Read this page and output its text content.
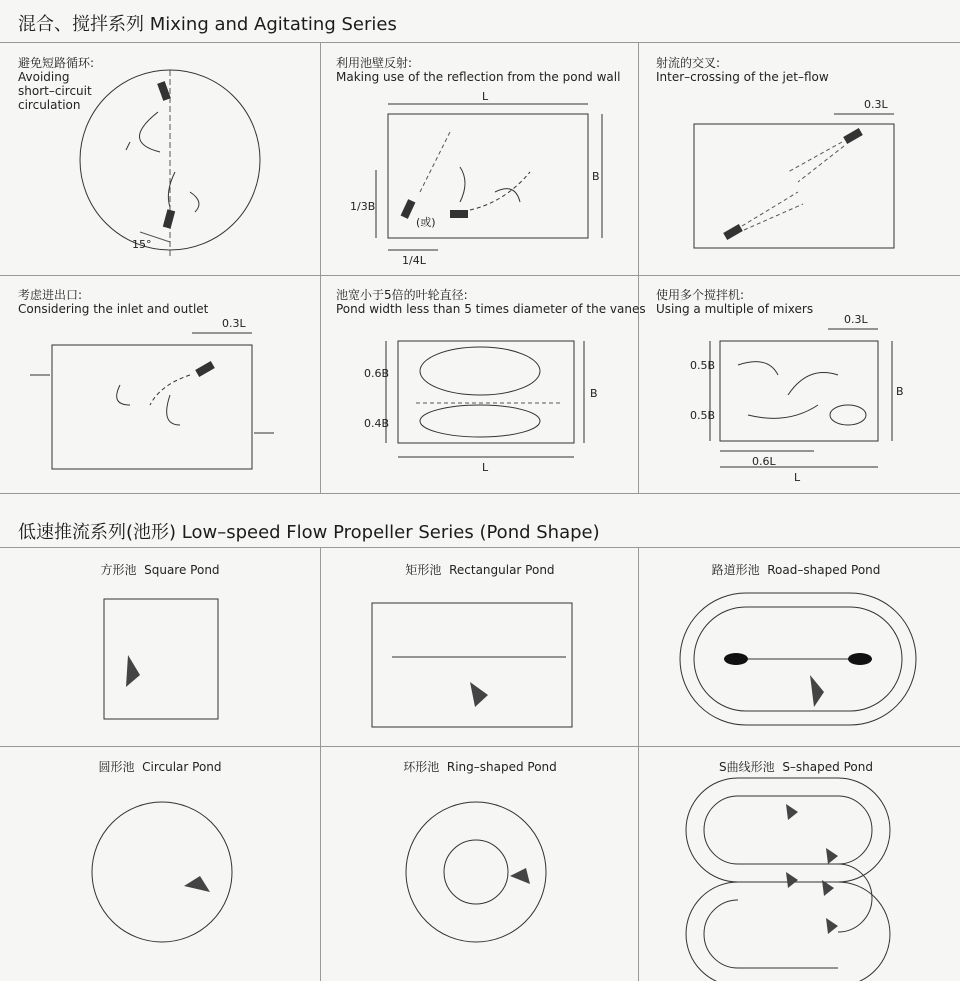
混合、搅拌系列 Mixing and Agitating Series
低速推流系列(池形) Low–speed Flow Propeller Series (Pond Shape)
避免短路循环:
Avoiding
short–circuit
circulation
15°
利用池壁反射:
Making use of the reflection from the pond wall
L
B
1/3B
1/4L
(或)
射流的交叉:
Inter–crossing of the jet–flow
0.3L
考虑进出口:
Considering the inlet and outlet
0.3L
池宽小于5倍的叶轮直径:
Pond width less than 5 times diameter of the vanes
0.6B
0.4B
B
L
使用多个搅拌机:
Using a multiple of mixers
0.3L
0.5B
0.5B
B
0.6L
L
方形池 Square Pond	矩形池 Rectangular Pond	路道形池 Road–shaped Pond
圆形池 Circular Pond	环形池 Ring–shaped Pond	S曲线形池 S–shaped Pond
